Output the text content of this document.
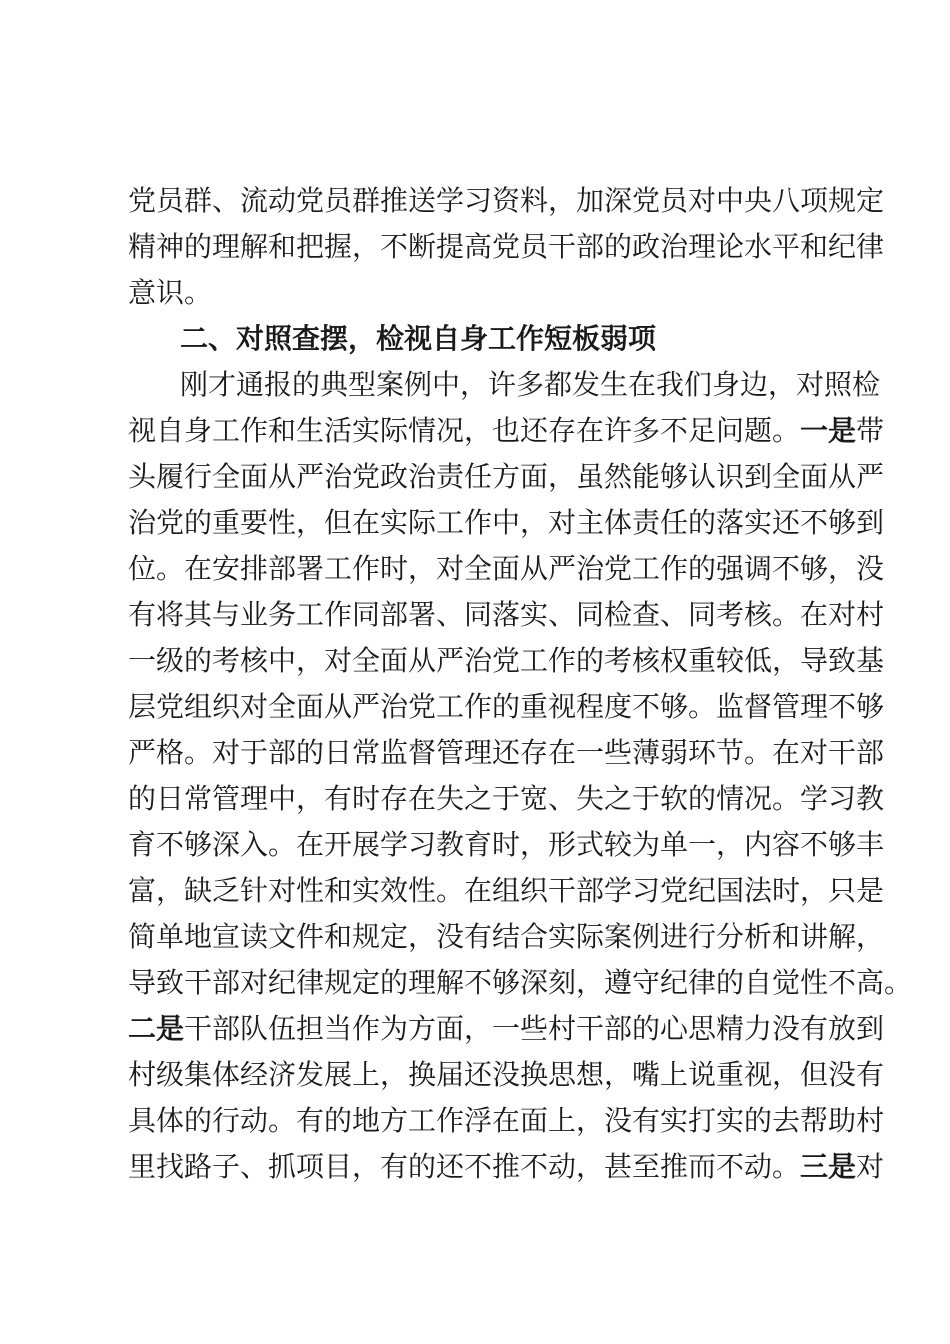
党员群、流动党员群推送学习资料，加深党员对中央八项规定
精神的理解和把握，不断提高党员干部的政治理论水平和纪律
意识。
二、对照查摆，检视自身工作短板弱项
刚才通报的典型案例中，许多都发生在我们身边，对照检
视自身工作和生活实际情况，也还存在许多不足问题。一是带
头履行全面从严治党政治责任方面，虽然能够认识到全面从严
治党的重要性，但在实际工作中，对主体责任的落实还不够到
位。在安排部署工作时，对全面从严治党工作的强调不够，没
有将其与业务工作同部署、同落实、同检查、同考核。在对村
一级的考核中，对全面从严治党工作的考核权重较低，导致基
层党组织对全面从严治党工作的重视程度不够。监督管理不够
严格。对于部的日常监督管理还存在一些薄弱环节。在对干部
的日常管理中，有时存在失之于宽、失之于软的情况。学习教
育不够深入。在开展学习教育时，形式较为单一，内容不够丰
富，缺乏针对性和实效性。在组织干部学习党纪国法时，只是
简单地宣读文件和规定，没有结合实际案例进行分析和讲解，
导致干部对纪律规定的理解不够深刻，遵守纪律的自觉性不高。
二是干部队伍担当作为方面，一些村干部的心思精力没有放到
村级集体经济发展上，换届还没换思想，嘴上说重视，但没有
具体的行动。有的地方工作浮在面上，没有实打实的去帮助村
里找路子、抓项目，有的还不推不动，甚至推而不动。三是对
